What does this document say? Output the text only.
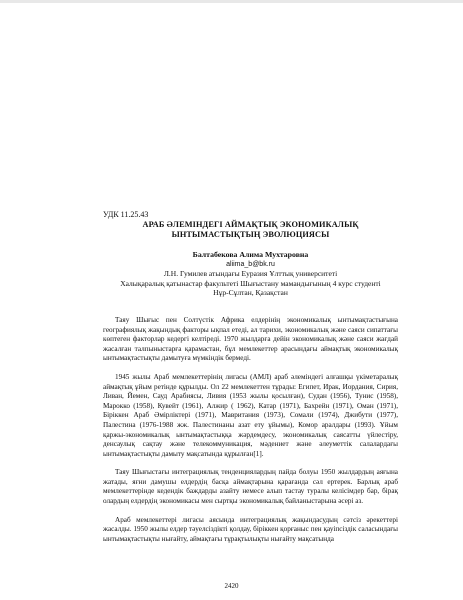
УДК 11.25.43

АРАБ ӘЛЕМІНДЕГІ АЙМАҚТЫҚ ЭКОНОМИКАЛЫҚ
ЫНТЫМАСТЫҚТЫҢ ЭВОЛЮЦИЯСЫ
Балтабекова Алима Мухтаровна
aliima_b@bk.ru
Л.Н. Гумилев атындағы Еуразия Ұлттық университеті
Халықаралық қатынастар факультеті Шығыстану мамандығының 4 курс студенті
Нұр-Сұлтан, Қазақстан

Таяу Шығыс пен Солтүстік Африка елдерінің экономикалық ынтымақтастығына географиялық жақындық факторы ықпал етеді, ал тарихи, экономикалық және саяси сипаттағы көптеген факторлар кедергі келтіреді. 1970 жылдарға дейін экономикалық және саяси жағдай жасалған талпыныстарға қарамастан, бұл мемлекеттер арасындағы аймақтық экономикалық ынтымақтастықты дамытуға мүмкіндік бермеді.

1945 жылы Араб мемлекеттерінің лигасы (АМЛ) араб әлеміндегі алғашқы үкіметаралық аймақтық ұйым ретінде құрылды. Ол 22 мемлекеттен тұрады: Египет, Ирак, Иордания, Сирия, Ливан, Йемен, Сауд Арабиясы, Ливия (1953 жылы қосылған), Судан (1956), Тунис (1958), Марокко (1958), Кувейт (1961), Алжир ( 1962), Катар (1971), Бахрейн (1971), Оман (1971), Біріккен Араб Әмірліктері (1971), Мавритания (1973), Сомали (1974), Джибути (1977), Палестина (1976-1988 жж. Палестинаны азат ету ұйымы), Комор аралдары (1993). Ұйым қаржы-экономикалық ынтымақтастыққа жәрдемдесу, экономикалық саясатты үйлестіру, денсаулық сақтау және телекоммуникация, мәдениет және әлеуметтік салалардағы ынтымақтастықты дамыту мақсатында құрылған[1].

Таяу Шығыстағы интеграциялық тенденциялардың пайда болуы 1950 жылдардың аяғына жатады, яғни дамушы елдердің басқа аймақтарына қарағанда сәл ертерек. Барлық араб мемлекеттерінде кедендік баждарды азайту немесе алып тастау туралы келісімдер бар, бірақ олардың елдердің экономикасы мен сыртқы экономикалық байланыстарына әсері аз.

Араб мемлекеттері лигасы аясында интеграциялық жақындасудың сәтсіз әрекеттері жасалды. 1950 жылы елдер тәуелсіздікті қолдау, біріккен қорғаныс пен қауіпсіздік саласындағы ынтымақтастықты нығайту, аймақтағы тұрақтылықты нығайту мақсатында

2420
